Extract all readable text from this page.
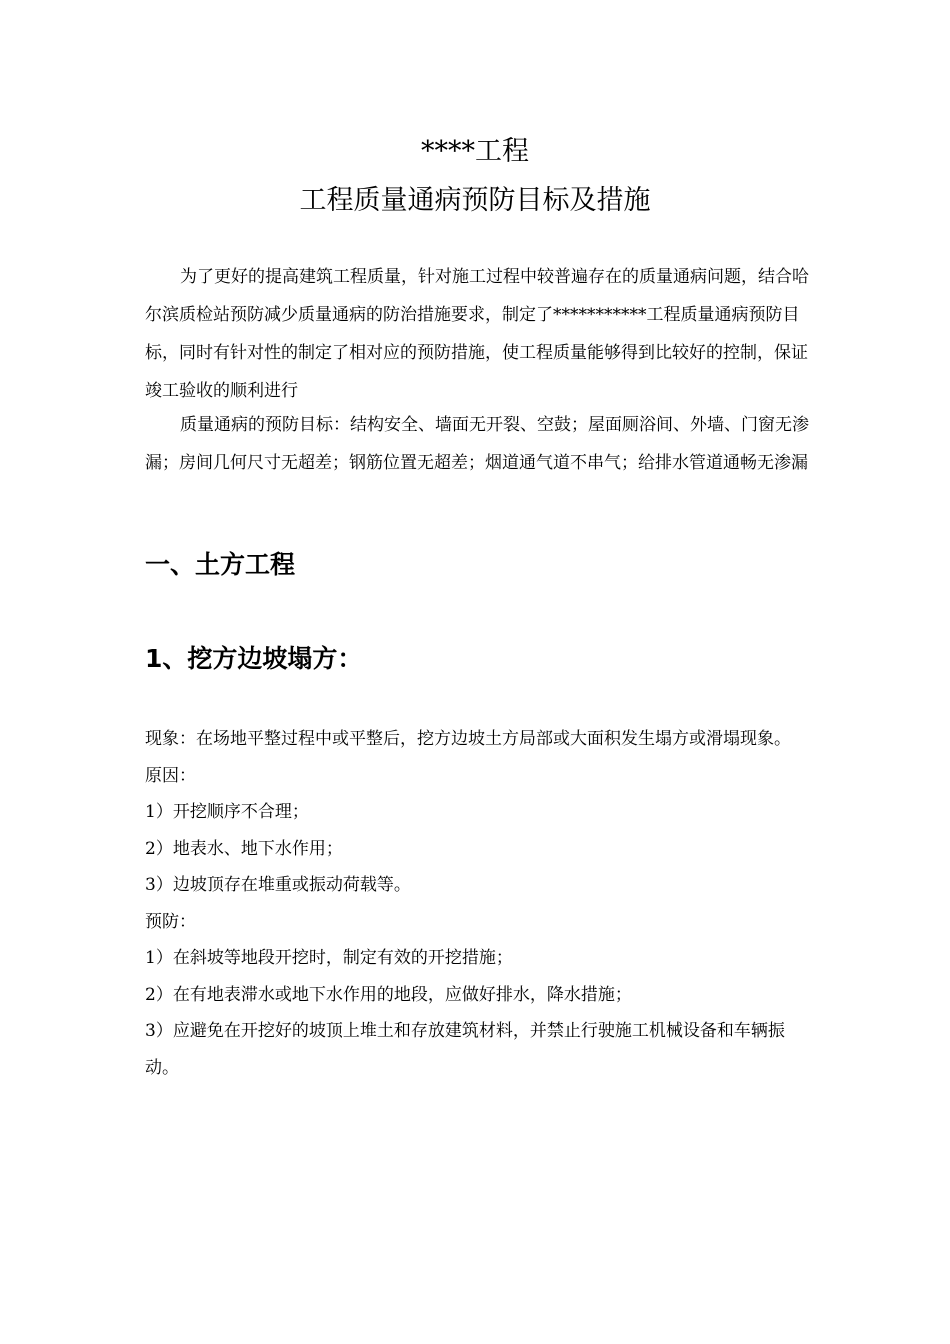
****工程
工程质量通病预防目标及措施

为了更好的提高建筑工程质量，针对施工过程中较普遍存在的质量通病问题，结合哈尔滨质检站预防减少质量通病的防治措施要求，制定了***********工程质量通病预防目标，同时有针对性的制定了相对应的预防措施，使工程质量能够得到比较好的控制，保证竣工验收的顺利进行

质量通病的预防目标：结构安全、墙面无开裂、空鼓；屋面厕浴间、外墙、门窗无渗漏；房间几何尺寸无超差；钢筋位置无超差；烟道通气道不串气；给排水管道通畅无渗漏

一、土方工程
1、挖方边坡塌方：
现象：在场地平整过程中或平整后，挖方边坡土方局部或大面积发生塌方或滑塌现象。
原因：
1）开挖顺序不合理；
2）地表水、地下水作用；
3）边坡顶存在堆重或振动荷载等。
预防：
1）在斜坡等地段开挖时，制定有效的开挖措施；
2）在有地表滞水或地下水作用的地段，应做好排水，降水措施；
3）应避免在开挖好的坡顶上堆土和存放建筑材料，并禁止行驶施工机械设备和车辆振动。
